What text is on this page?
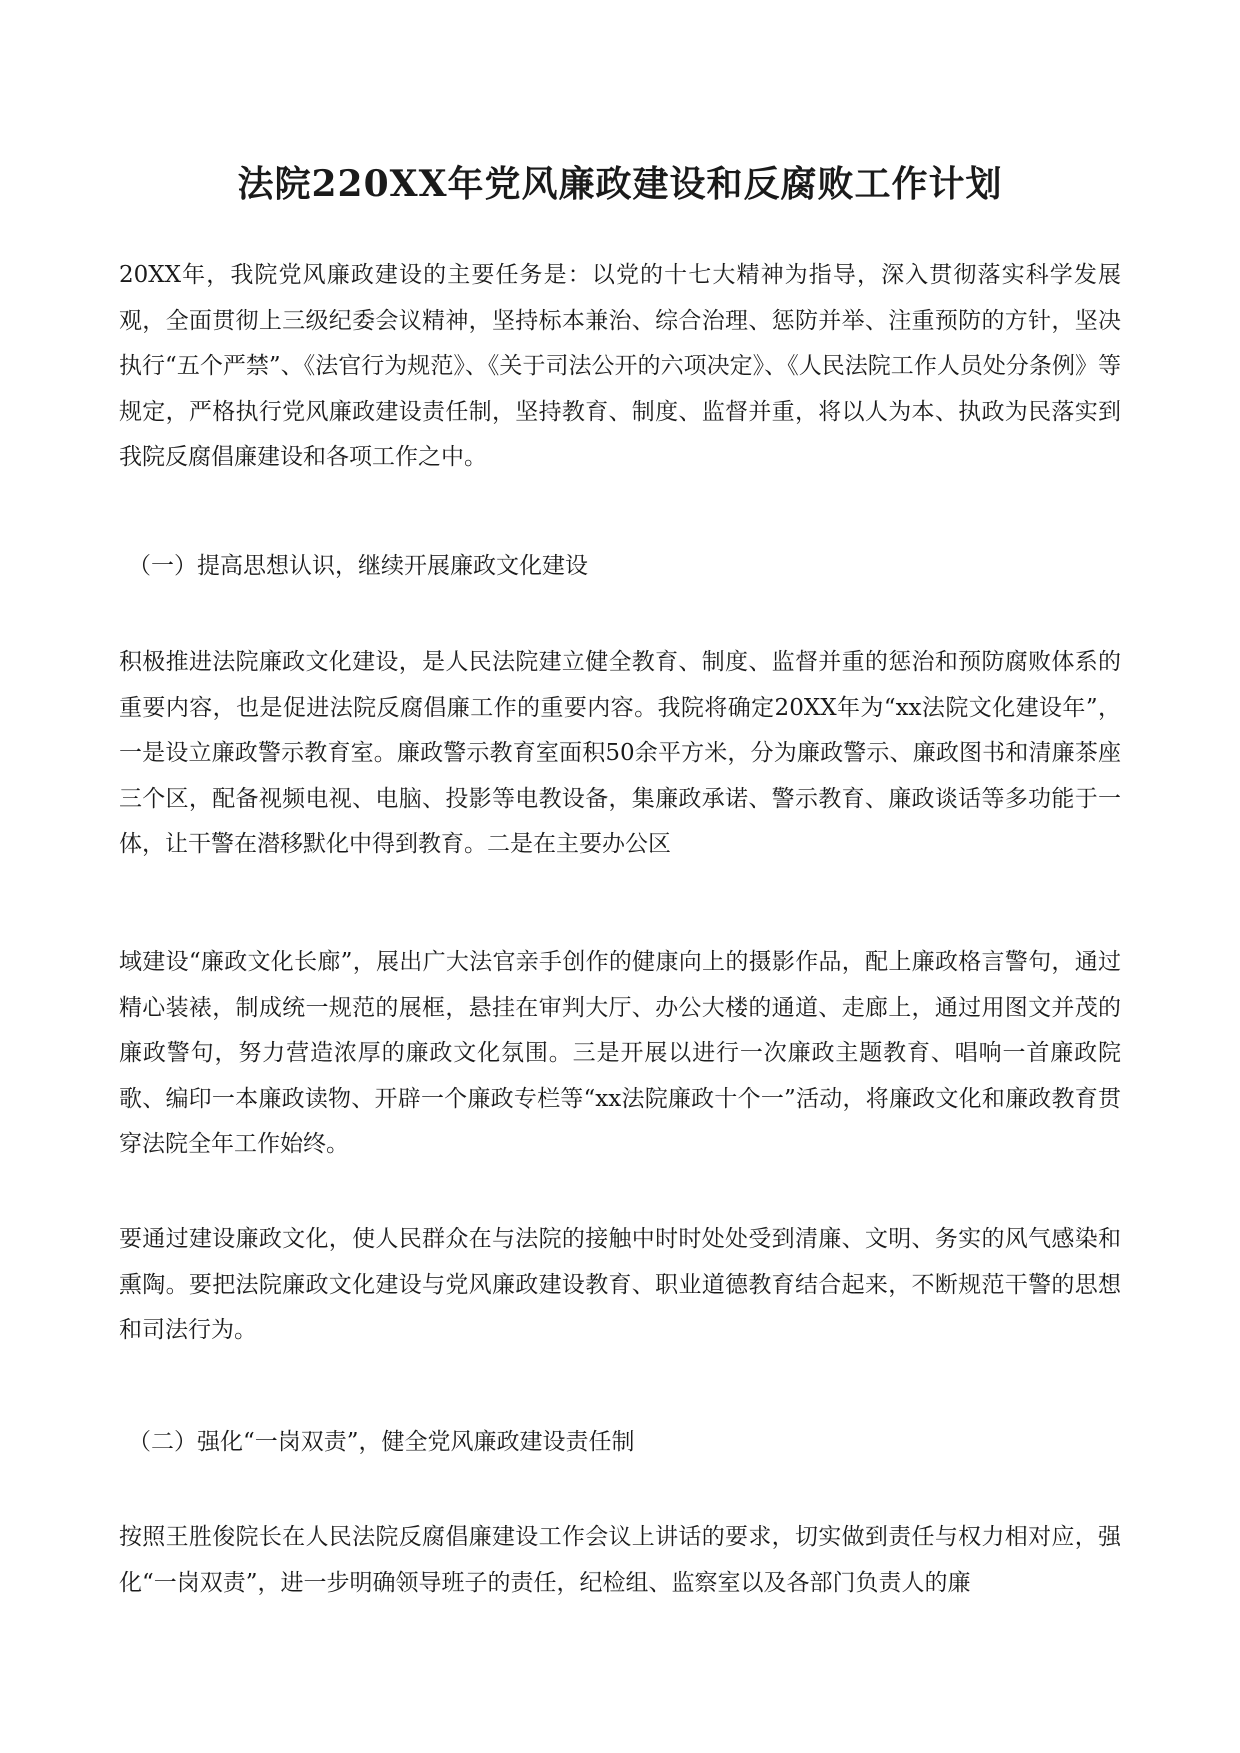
法院220XX年党风廉政建设和反腐败工作计划

20XX年，我院党风廉政建设的主要任务是：以党的十七大精神为指导，深入贯彻落实科学发展观，全面贯彻上三级纪委会议精神，坚持标本兼治、综合治理、惩防并举、注重预防的方针，坚决执行“五个严禁”、《法官行为规范》、《关于司法公开的六项决定》、《人民法院工作人员处分条例》等规定，严格执行党风廉政建设责任制，坚持教育、制度、监督并重，将以人为本、执政为民落实到我院反腐倡廉建设和各项工作之中。

（一）提高思想认识，继续开展廉政文化建设

积极推进法院廉政文化建设，是人民法院建立健全教育、制度、监督并重的惩治和预防腐败体系的重要内容，也是促进法院反腐倡廉工作的重要内容。我院将确定20XX年为“xx法院文化建设年”，一是设立廉政警示教育室。廉政警示教育室面积50余平方米，分为廉政警示、廉政图书和清廉茶座三个区，配备视频电视、电脑、投影等电教设备，集廉政承诺、警示教育、廉政谈话等多功能于一体，让干警在潜移默化中得到教育。二是在主要办公区

域建设“廉政文化长廊”，展出广大法官亲手创作的健康向上的摄影作品，配上廉政格言警句，通过精心装裱，制成统一规范的展框，悬挂在审判大厅、办公大楼的通道、走廊上，通过用图文并茂的廉政警句，努力营造浓厚的廉政文化氛围。三是开展以进行一次廉政主题教育、唱响一首廉政院歌、编印一本廉政读物、开辟一个廉政专栏等“xx法院廉政十个一”活动，将廉政文化和廉政教育贯穿法院全年工作始终。

要通过建设廉政文化，使人民群众在与法院的接触中时时处处受到清廉、文明、务实的风气感染和熏陶。要把法院廉政文化建设与党风廉政建设教育、职业道德教育结合起来，不断规范干警的思想和司法行为。

（二）强化“一岗双责”，健全党风廉政建设责任制

按照王胜俊院长在人民法院反腐倡廉建设工作会议上讲话的要求，切实做到责任与权力相对应，强化“一岗双责”，进一步明确领导班子的责任，纪检组、监察室以及各部门负责人的廉
